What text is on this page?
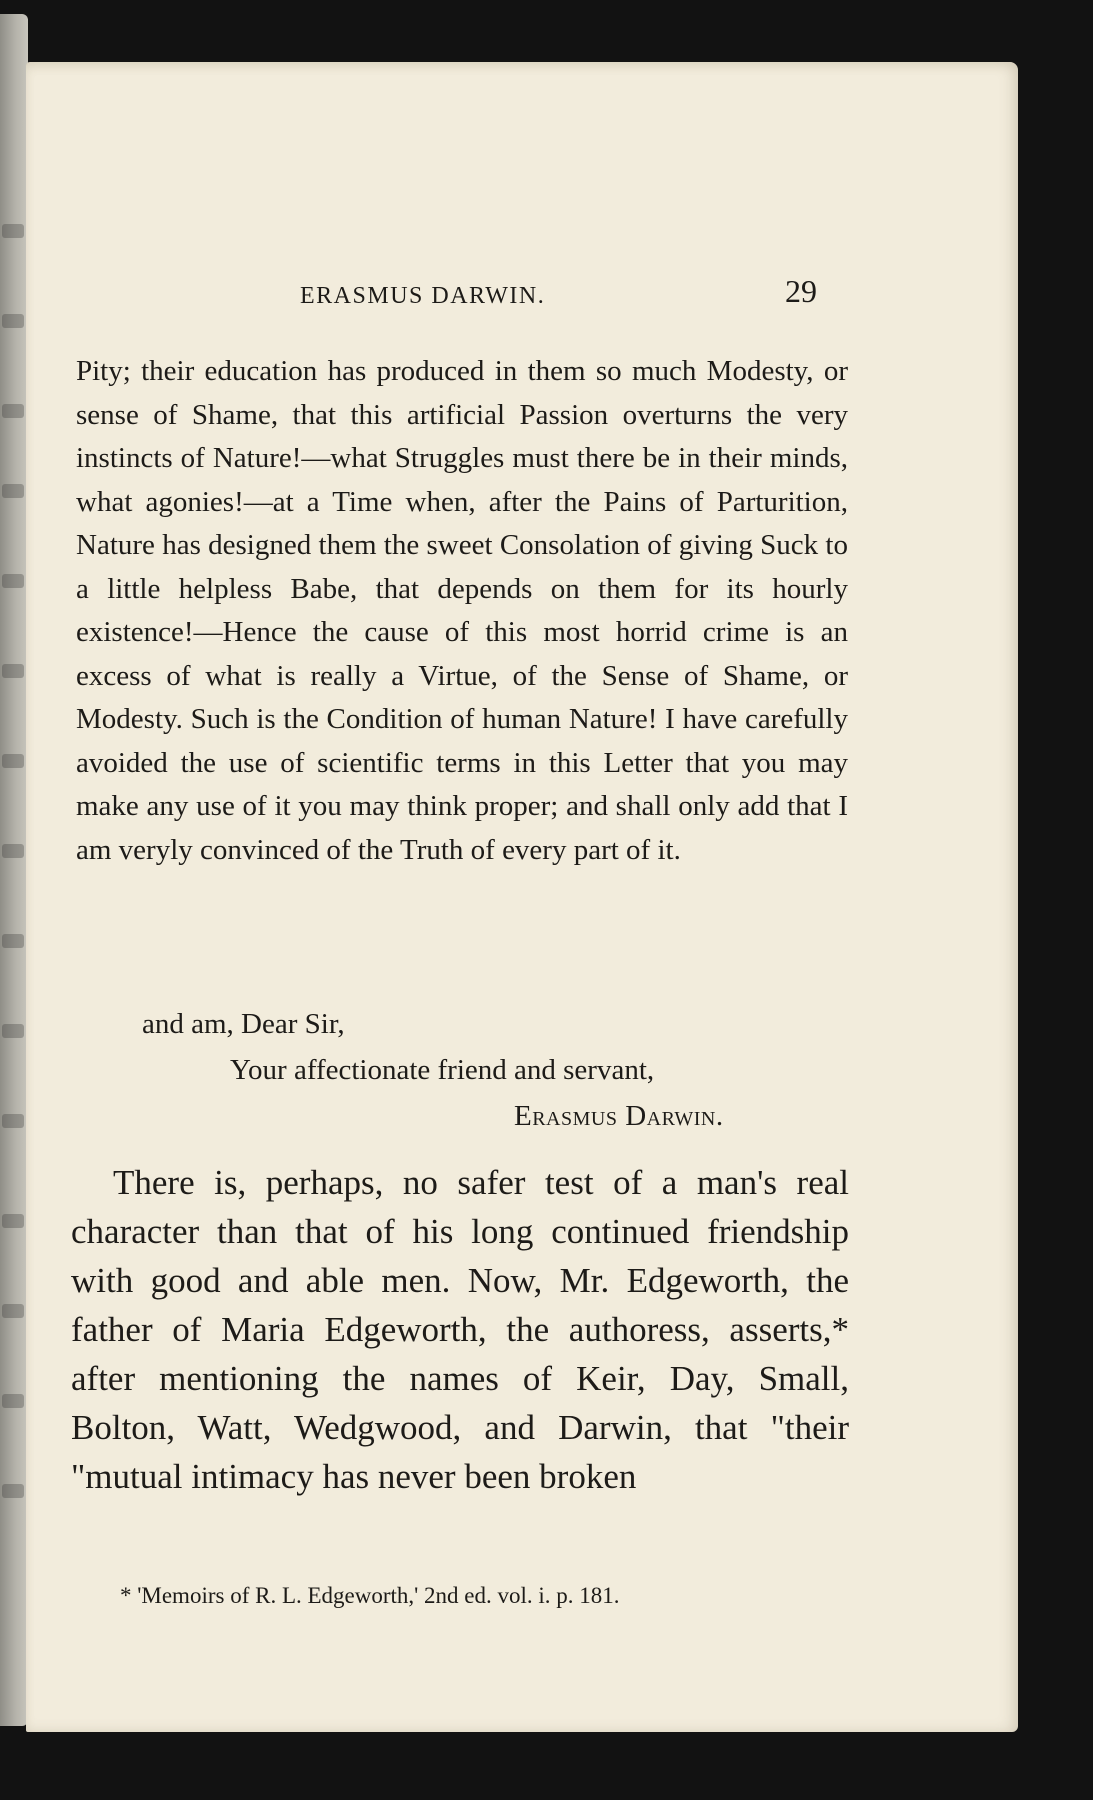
ERASMUS DARWIN.	29

Pity; their education has produced in them so much Modesty, or sense of Shame, that this artificial Passion overturns the very instincts of Nature!—what Struggles must there be in their minds, what agonies!—at a Time when, after the Pains of Parturition, Nature has designed them the sweet Consolation of giving Suck to a little helpless Babe, that depends on them for its hourly existence!—Hence the cause of this most horrid crime is an excess of what is really a Virtue, of the Sense of Shame, or Modesty. Such is the Condition of human Nature! I have carefully avoided the use of scientific terms in this Letter that you may make any use of it you may think proper; and shall only add that I am veryly convinced of the Truth of every part of it.

and am, Dear Sir,
Your affectionate friend and servant,
Erasmus Darwin.

There is, perhaps, no safer test of a man's real character than that of his long continued friendship with good and able men. Now, Mr. Edgeworth, the father of Maria Edgeworth, the authoress, asserts,* after mentioning the names of Keir, Day, Small, Bolton, Watt, Wedgwood, and Darwin, that "their "mutual intimacy has never been broken

* 'Memoirs of R. L. Edgeworth,' 2nd ed. vol. i. p. 181.
